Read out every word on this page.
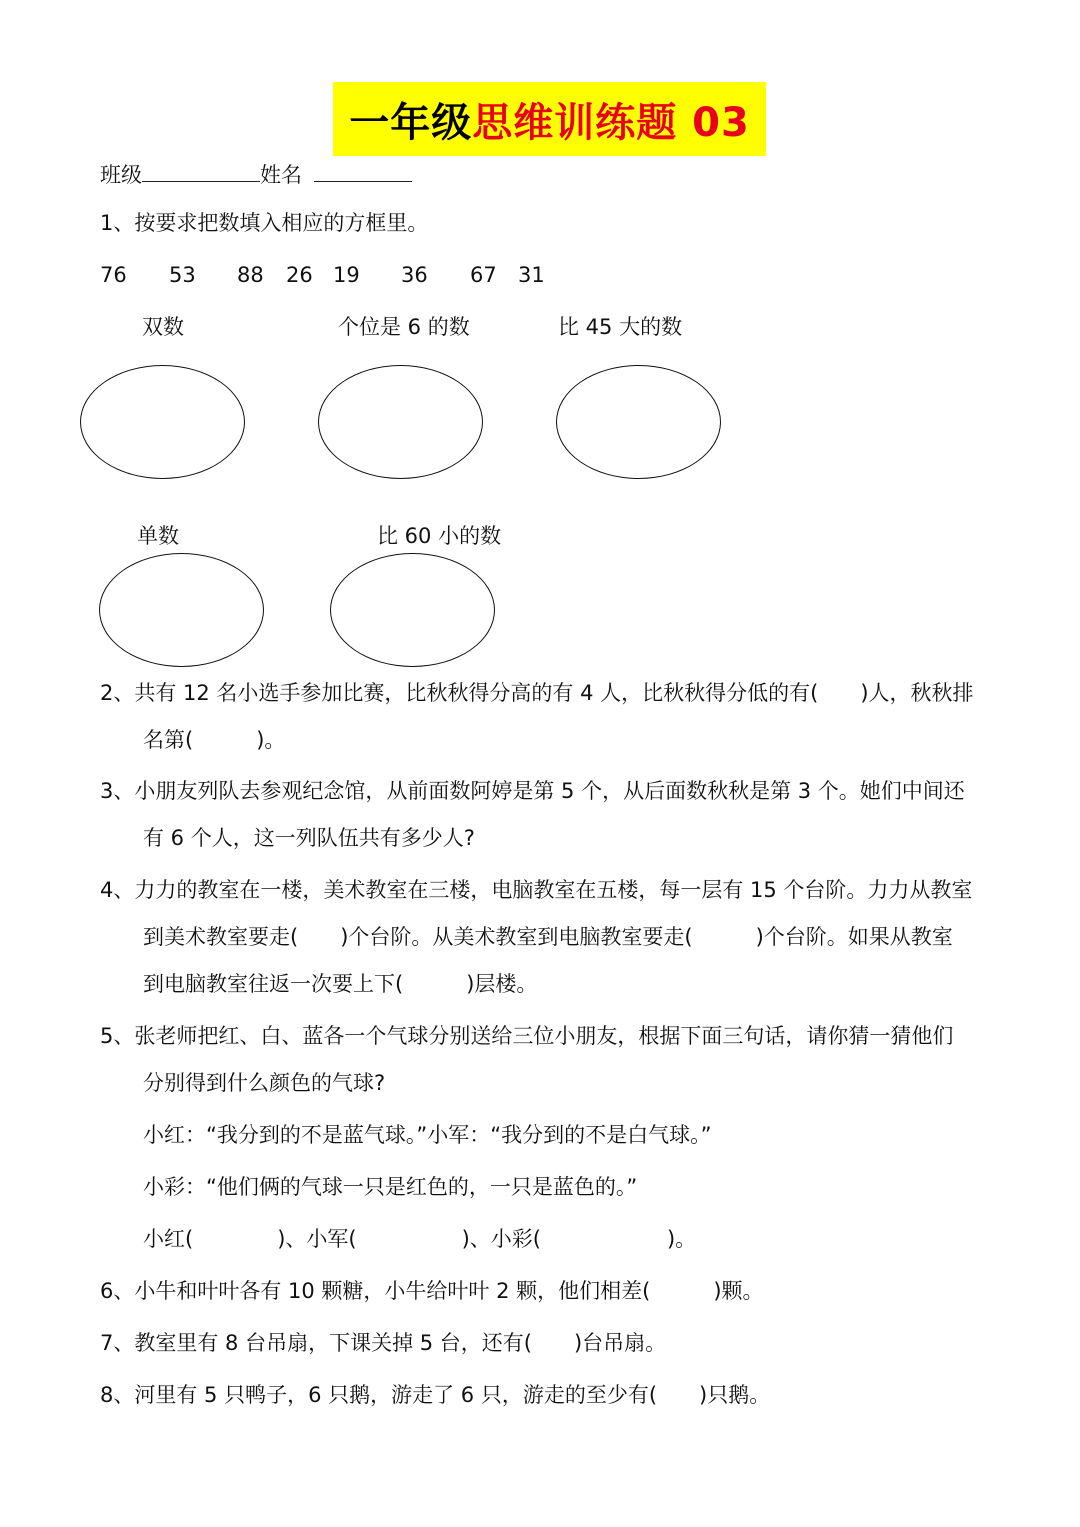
一年级 思维训练题 03
班级	姓名
1、按要求把数填入相应的方框里。
76 53 88 26 19 36 67 31
双数	个位是 6 的数	比 45 大的数
单数	比 60 小的数
2、共有 12 名小选手参加比赛，比秋秋得分高的有 4 人，比秋秋得分低的有(　　)人，秋秋排
名第(　　　)。
3、小朋友列队去参观纪念馆，从前面数阿婷是第 5 个，从后面数秋秋是第 3 个。她们中间还
有 6 个人，这一列队伍共有多少人?
4、力力的教室在一楼，美术教室在三楼，电脑教室在五楼，每一层有 15 个台阶。力力从教室
到美术教室要走(　　)个台阶。从美术教室到电脑教室要走(　　　)个台阶。如果从教室
到电脑教室往返一次要上下(　　　)层楼。
5、张老师把红、白、蓝各一个气球分别送给三位小朋友，根据下面三句话，请你猜一猜他们
分别得到什么颜色的气球?
小红：“我分到的不是蓝气球。”小军：“我分到的不是白气球。”
小彩：“他们俩的气球一只是红色的，一只是蓝色的。”
小红(　　　　)、小军(　　　　　)、小彩(　　　　　　)。
6、小牛和叶叶各有 10 颗糖，小牛给叶叶 2 颗，他们相差(　　　)颗。
7、教室里有 8 台吊扇，下课关掉 5 台，还有(　　)台吊扇。
8、河里有 5 只鸭子，6 只鹅，游走了 6 只，游走的至少有(　　)只鹅。
